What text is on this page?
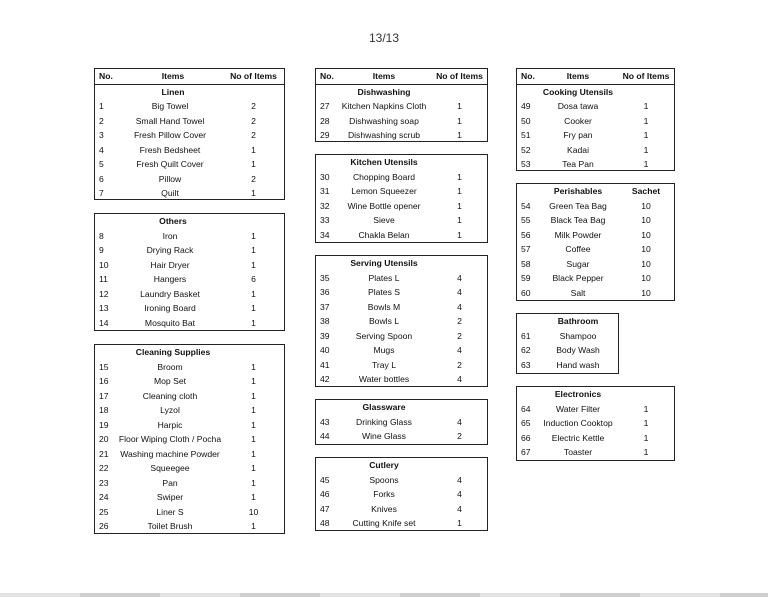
13/13
No.	Items	No of Items
Linen
1	Big Towel	2
2	Small Hand Towel	2
3	Fresh Pillow Cover	2
4	Fresh Bedsheet	1
5	Fresh Quilt Cover	1
6	Pillow	2
7	Quilt	1
Others
8	Iron	1
9	Drying Rack	1
10	Hair Dryer	1
11	Hangers	6
12	Laundry Basket	1
13	Ironing Board	1
14	Mosquito Bat	1
Cleaning Supplies
15	Broom	1
16	Mop Set	1
17	Cleaning cloth	1
18	Lyzol	1
19	Harpic	1
20 Floor Wiping Cloth / Pocha	1
21	Washing machine Powder	1
22	Squeegee	1
23	Pan	1
24	Swiper	1
25	Liner S	10
26	Toilet Brush	1
No.	Items	No of Items
Dishwashing
27	Kitchen Napkins Cloth	1
28	Dishwashing soap	1
29	Dishwashing scrub	1
Kitchen Utensils
30	Chopping Board	1
31	Lemon Squeezer	1
32	Wine Bottle opener	1
33	Sieve	1
34	Chakla Belan	1
Serving Utensils
35	Plates L	4
36	Plates S	4
37	Bowls M	4
38	Bowls L	2
39	Serving Spoon	2
40	Mugs	4
41	Tray L	2
42	Water bottles	4
Glassware
43	Drinking Glass	4
44	Wine Glass	2
Cutlery
45	Spoons	4
46	Forks	4
47	Knives	4
48	Cutting Knife set	1
No.	Items	No of Items
Cooking Utensils
49	Dosa tawa	1
50	Cooker	1
51	Fry pan	1
52	Kadai	1
53	Tea Pan	1
Perishables	Sachet
54	Green Tea Bag	10
55	Black Tea Bag	10
56	Milk Powder	10
57	Coffee	10
58	Sugar	10
59	Black Pepper	10
60	Salt	10
Bathroom
61	Shampoo
62	Body Wash
63	Hand wash
Electronics
64	Water Filter	1
65	Induction Cooktop	1
66	Electric Kettle	1
67	Toaster	1
